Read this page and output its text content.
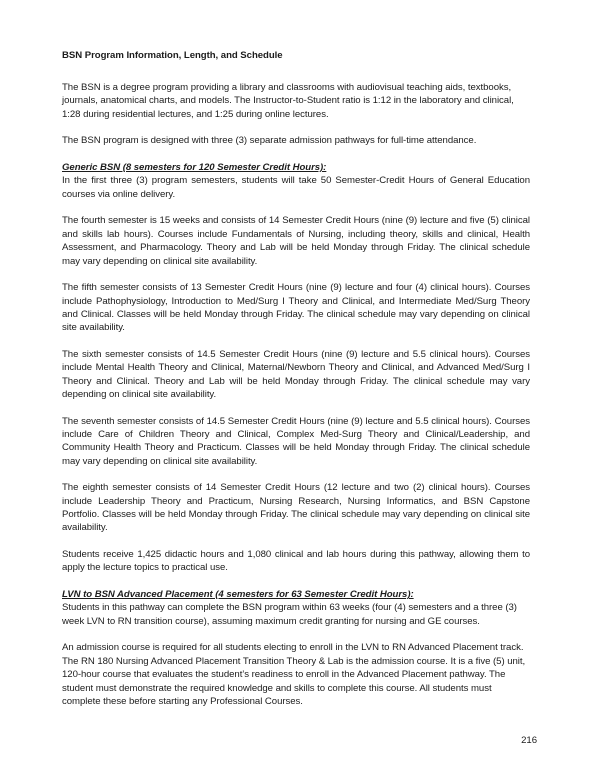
BSN Program Information, Length, and Schedule
The BSN is a degree program providing a library and classrooms with audiovisual teaching aids, textbooks, journals, anatomical charts, and models. The Instructor-to-Student ratio is 1:12 in the laboratory and clinical, 1:28 during residential lectures, and 1:25 during online lectures.
The BSN program is designed with three (3) separate admission pathways for full-time attendance.
Generic BSN (8 semesters for 120 Semester Credit Hours):
In the first three (3) program semesters, students will take 50 Semester-Credit Hours of General Education courses via online delivery.
The fourth semester is 15 weeks and consists of 14 Semester Credit Hours (nine (9) lecture and five (5) clinical and skills lab hours). Courses include Fundamentals of Nursing, including theory, skills and clinical, Health Assessment, and Pharmacology. Theory and Lab will be held Monday through Friday. The clinical schedule may vary depending on clinical site availability.
The fifth semester consists of 13 Semester Credit Hours (nine (9) lecture and four (4) clinical hours). Courses include Pathophysiology, Introduction to Med/Surg I Theory and Clinical, and Intermediate Med/Surg Theory and Clinical. Classes will be held Monday through Friday. The clinical schedule may vary depending on clinical site availability.
The sixth semester consists of 14.5 Semester Credit Hours (nine (9) lecture and 5.5 clinical hours). Courses include Mental Health Theory and Clinical, Maternal/Newborn Theory and Clinical, and Advanced Med/Surg I Theory and Clinical. Theory and Lab will be held Monday through Friday. The clinical schedule may vary depending on clinical site availability.
The seventh semester consists of 14.5 Semester Credit Hours (nine (9) lecture and 5.5 clinical hours). Courses include Care of Children Theory and Clinical, Complex Med-Surg Theory and Clinical/Leadership, and Community Health Theory and Practicum. Classes will be held Monday through Friday. The clinical schedule may vary depending on clinical site availability.
The eighth semester consists of 14 Semester Credit Hours (12 lecture and two (2) clinical hours). Courses include Leadership Theory and Practicum, Nursing Research, Nursing Informatics, and BSN Capstone Portfolio. Classes will be held Monday through Friday. The clinical schedule may vary depending on clinical site availability.
Students receive 1,425 didactic hours and 1,080 clinical and lab hours during this pathway, allowing them to apply the lecture topics to practical use.
LVN to BSN Advanced Placement (4 semesters for 63 Semester Credit Hours):
Students in this pathway can complete the BSN program within 63 weeks (four (4) semesters and a three (3) week LVN to RN transition course), assuming maximum credit granting for nursing and GE courses.
An admission course is required for all students electing to enroll in the LVN to RN Advanced Placement track. The RN 180 Nursing Advanced Placement Transition Theory & Lab is the admission course. It is a five (5) unit, 120-hour course that evaluates the student’s readiness to enroll in the Advanced Placement pathway. The student must demonstrate the required knowledge and skills to complete this course. All students must complete these before starting any Professional Courses.
216
